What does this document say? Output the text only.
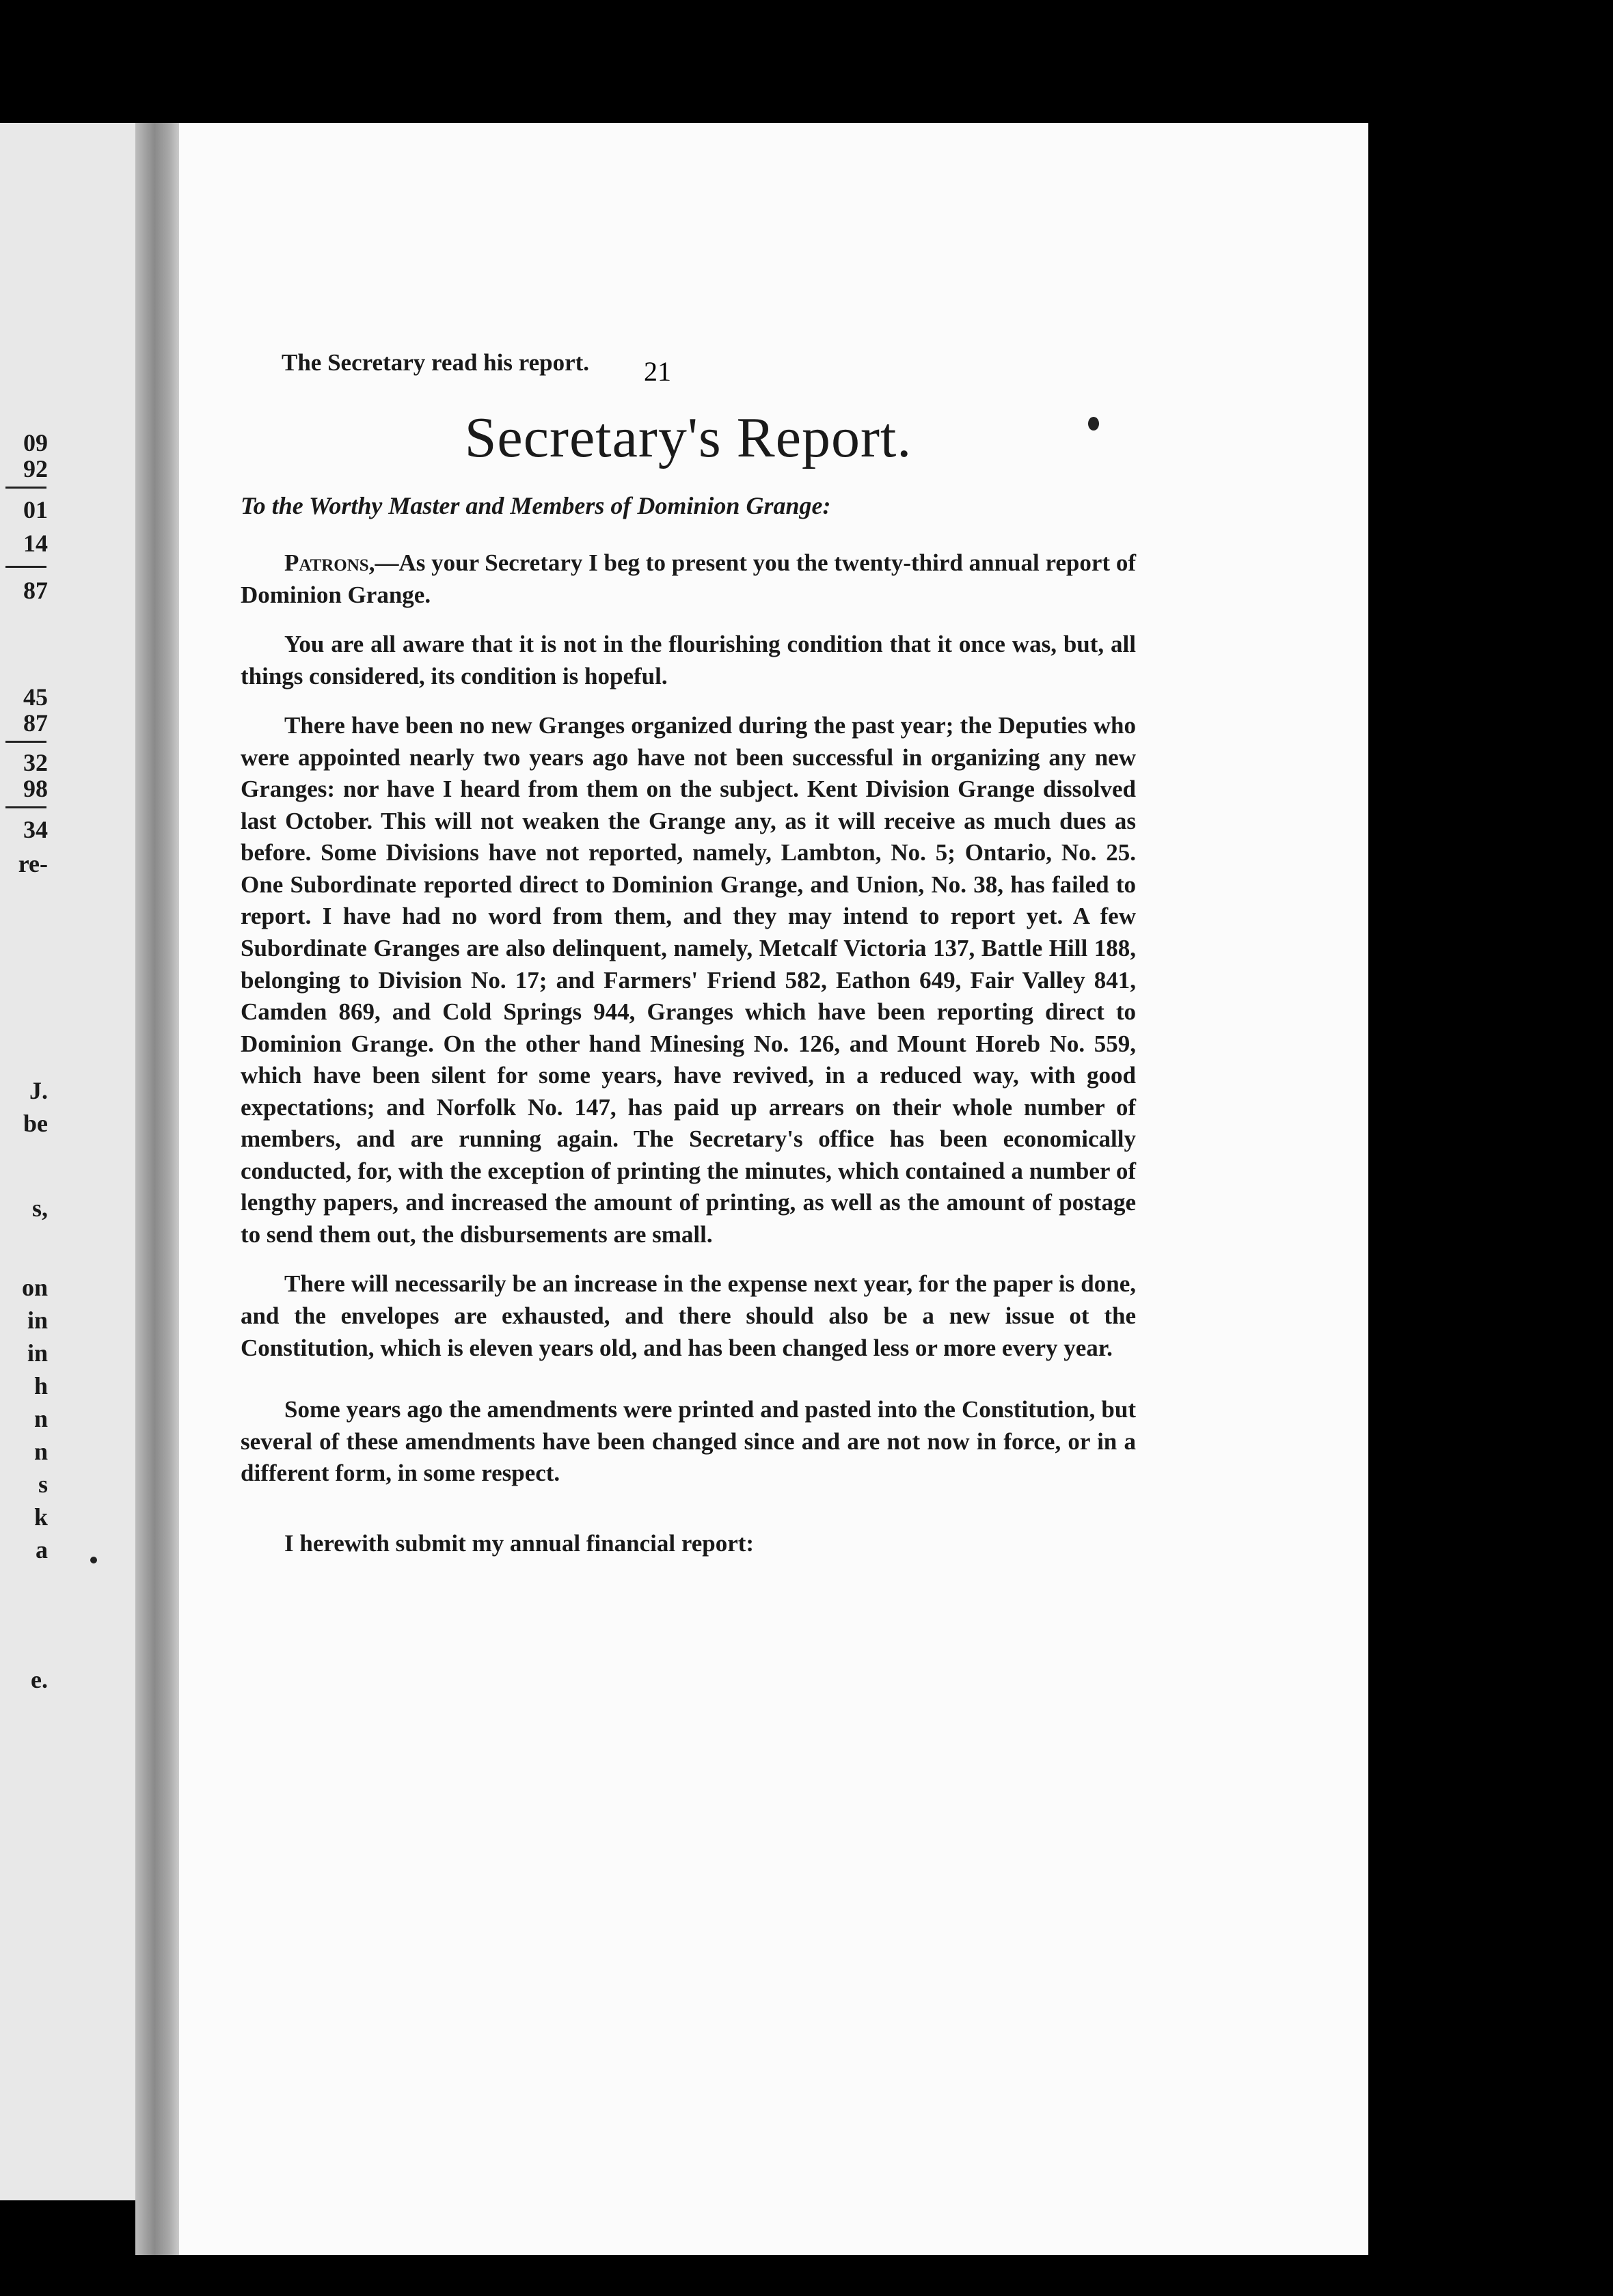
09
92
01
14
87
45
87
32
98
34
re-
J.
be
s,
on
in
in
h
n
n
s
k
a
e.
21

The Secretary read his report.

Secretary's Report.

To the Worthy Master and Members of Dominion Grange:

Patrons,—As your Secretary I beg to present you the twenty-third annual report of Dominion Grange.

You are all aware that it is not in the flourishing condition that it once was, but, all things considered, its condition is hopeful.

There have been no new Granges organized during the past year; the Deputies who were appointed nearly two years ago have not been successful in organizing any new Granges: nor have I heard from them on the subject. Kent Division Grange dissolved last October. This will not weaken the Grange any, as it will receive as much dues as before. Some Divisions have not reported, namely, Lambton, No. 5; Ontario, No. 25. One Subordinate reported direct to Dominion Grange, and Union, No. 38, has failed to report. I have had no word from them, and they may intend to report yet. A few Subordinate Granges are also delinquent, namely, Metcalf Victoria 137, Battle Hill 188, belonging to Division No. 17; and Farmers' Friend 582, Eathon 649, Fair Valley 841, Camden 869, and Cold Springs 944, Granges which have been reporting direct to Dominion Grange. On the other hand Minesing No. 126, and Mount Horeb No. 559, which have been silent for some years, have revived, in a reduced way, with good expectations; and Norfolk No. 147, has paid up arrears on their whole number of members, and are running again. The Secretary's office has been economically conducted, for, with the exception of printing the minutes, which contained a number of lengthy papers, and increased the amount of printing, as well as the amount of postage to send them out, the disbursements are small.

There will necessarily be an increase in the expense next year, for the paper is done, and the envelopes are exhausted, and there should also be a new issue ot the Constitution, which is eleven years old, and has been changed less or more every year.

Some years ago the amendments were printed and pasted into the Constitution, but several of these amendments have been changed since and are not now in force, or in a different form, in some respect.

I herewith submit my annual financial report:
